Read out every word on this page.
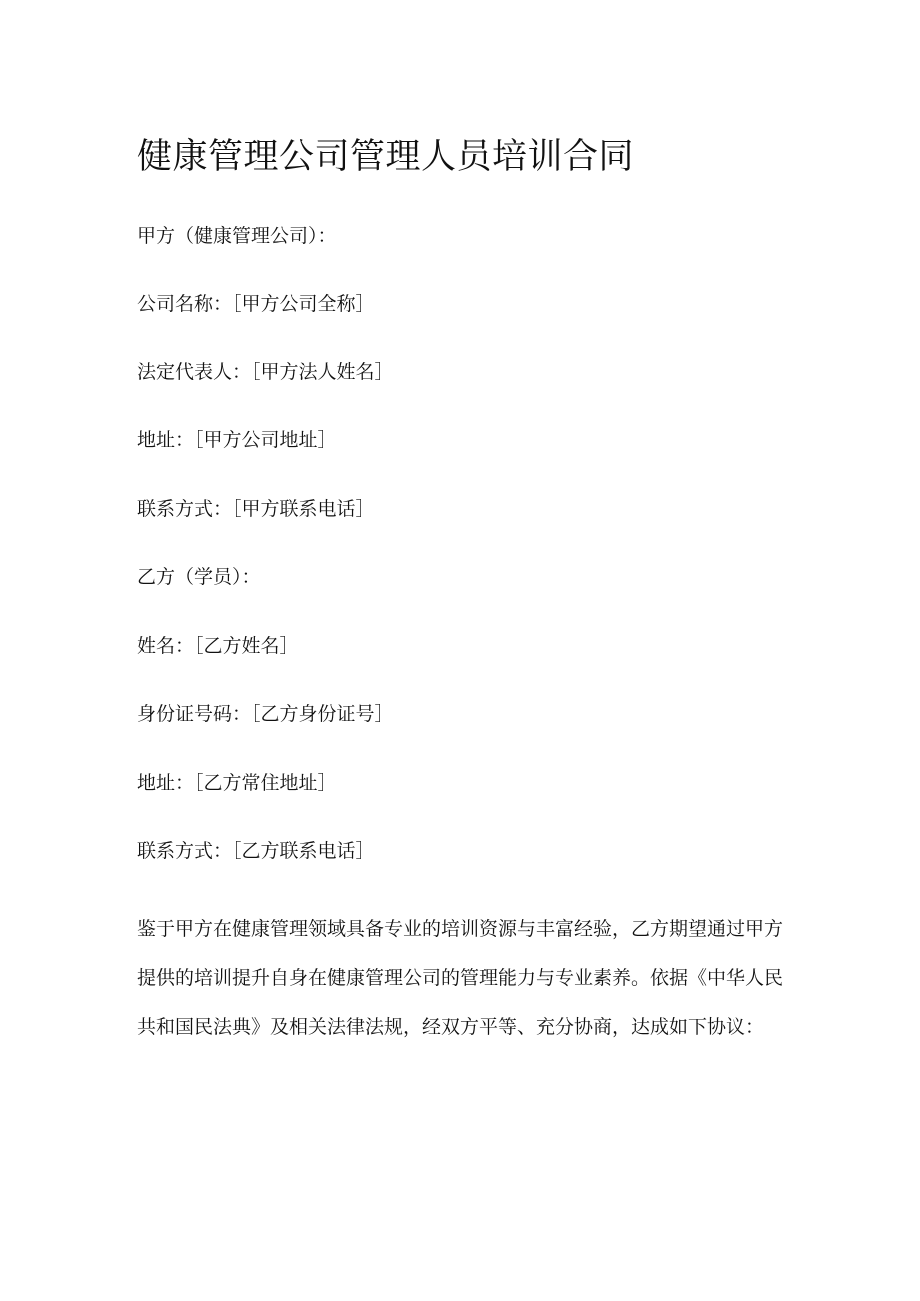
健康管理公司管理人员培训合同

甲方（健康管理公司）：

公司名称：［甲方公司全称］

法定代表人：［甲方法人姓名］

地址：［甲方公司地址］

联系方式：［甲方联系电话］

乙方（学员）：

姓名：［乙方姓名］

身份证号码：［乙方身份证号］

地址：［乙方常住地址］

联系方式：［乙方联系电话］

鉴于甲方在健康管理领域具备专业的培训资源与丰富经验，乙方期望通过甲方
提供的培训提升自身在健康管理公司的管理能力与专业素养。依据《中华人民
共和国民法典》及相关法律法规，经双方平等、充分协商，达成如下协议：
